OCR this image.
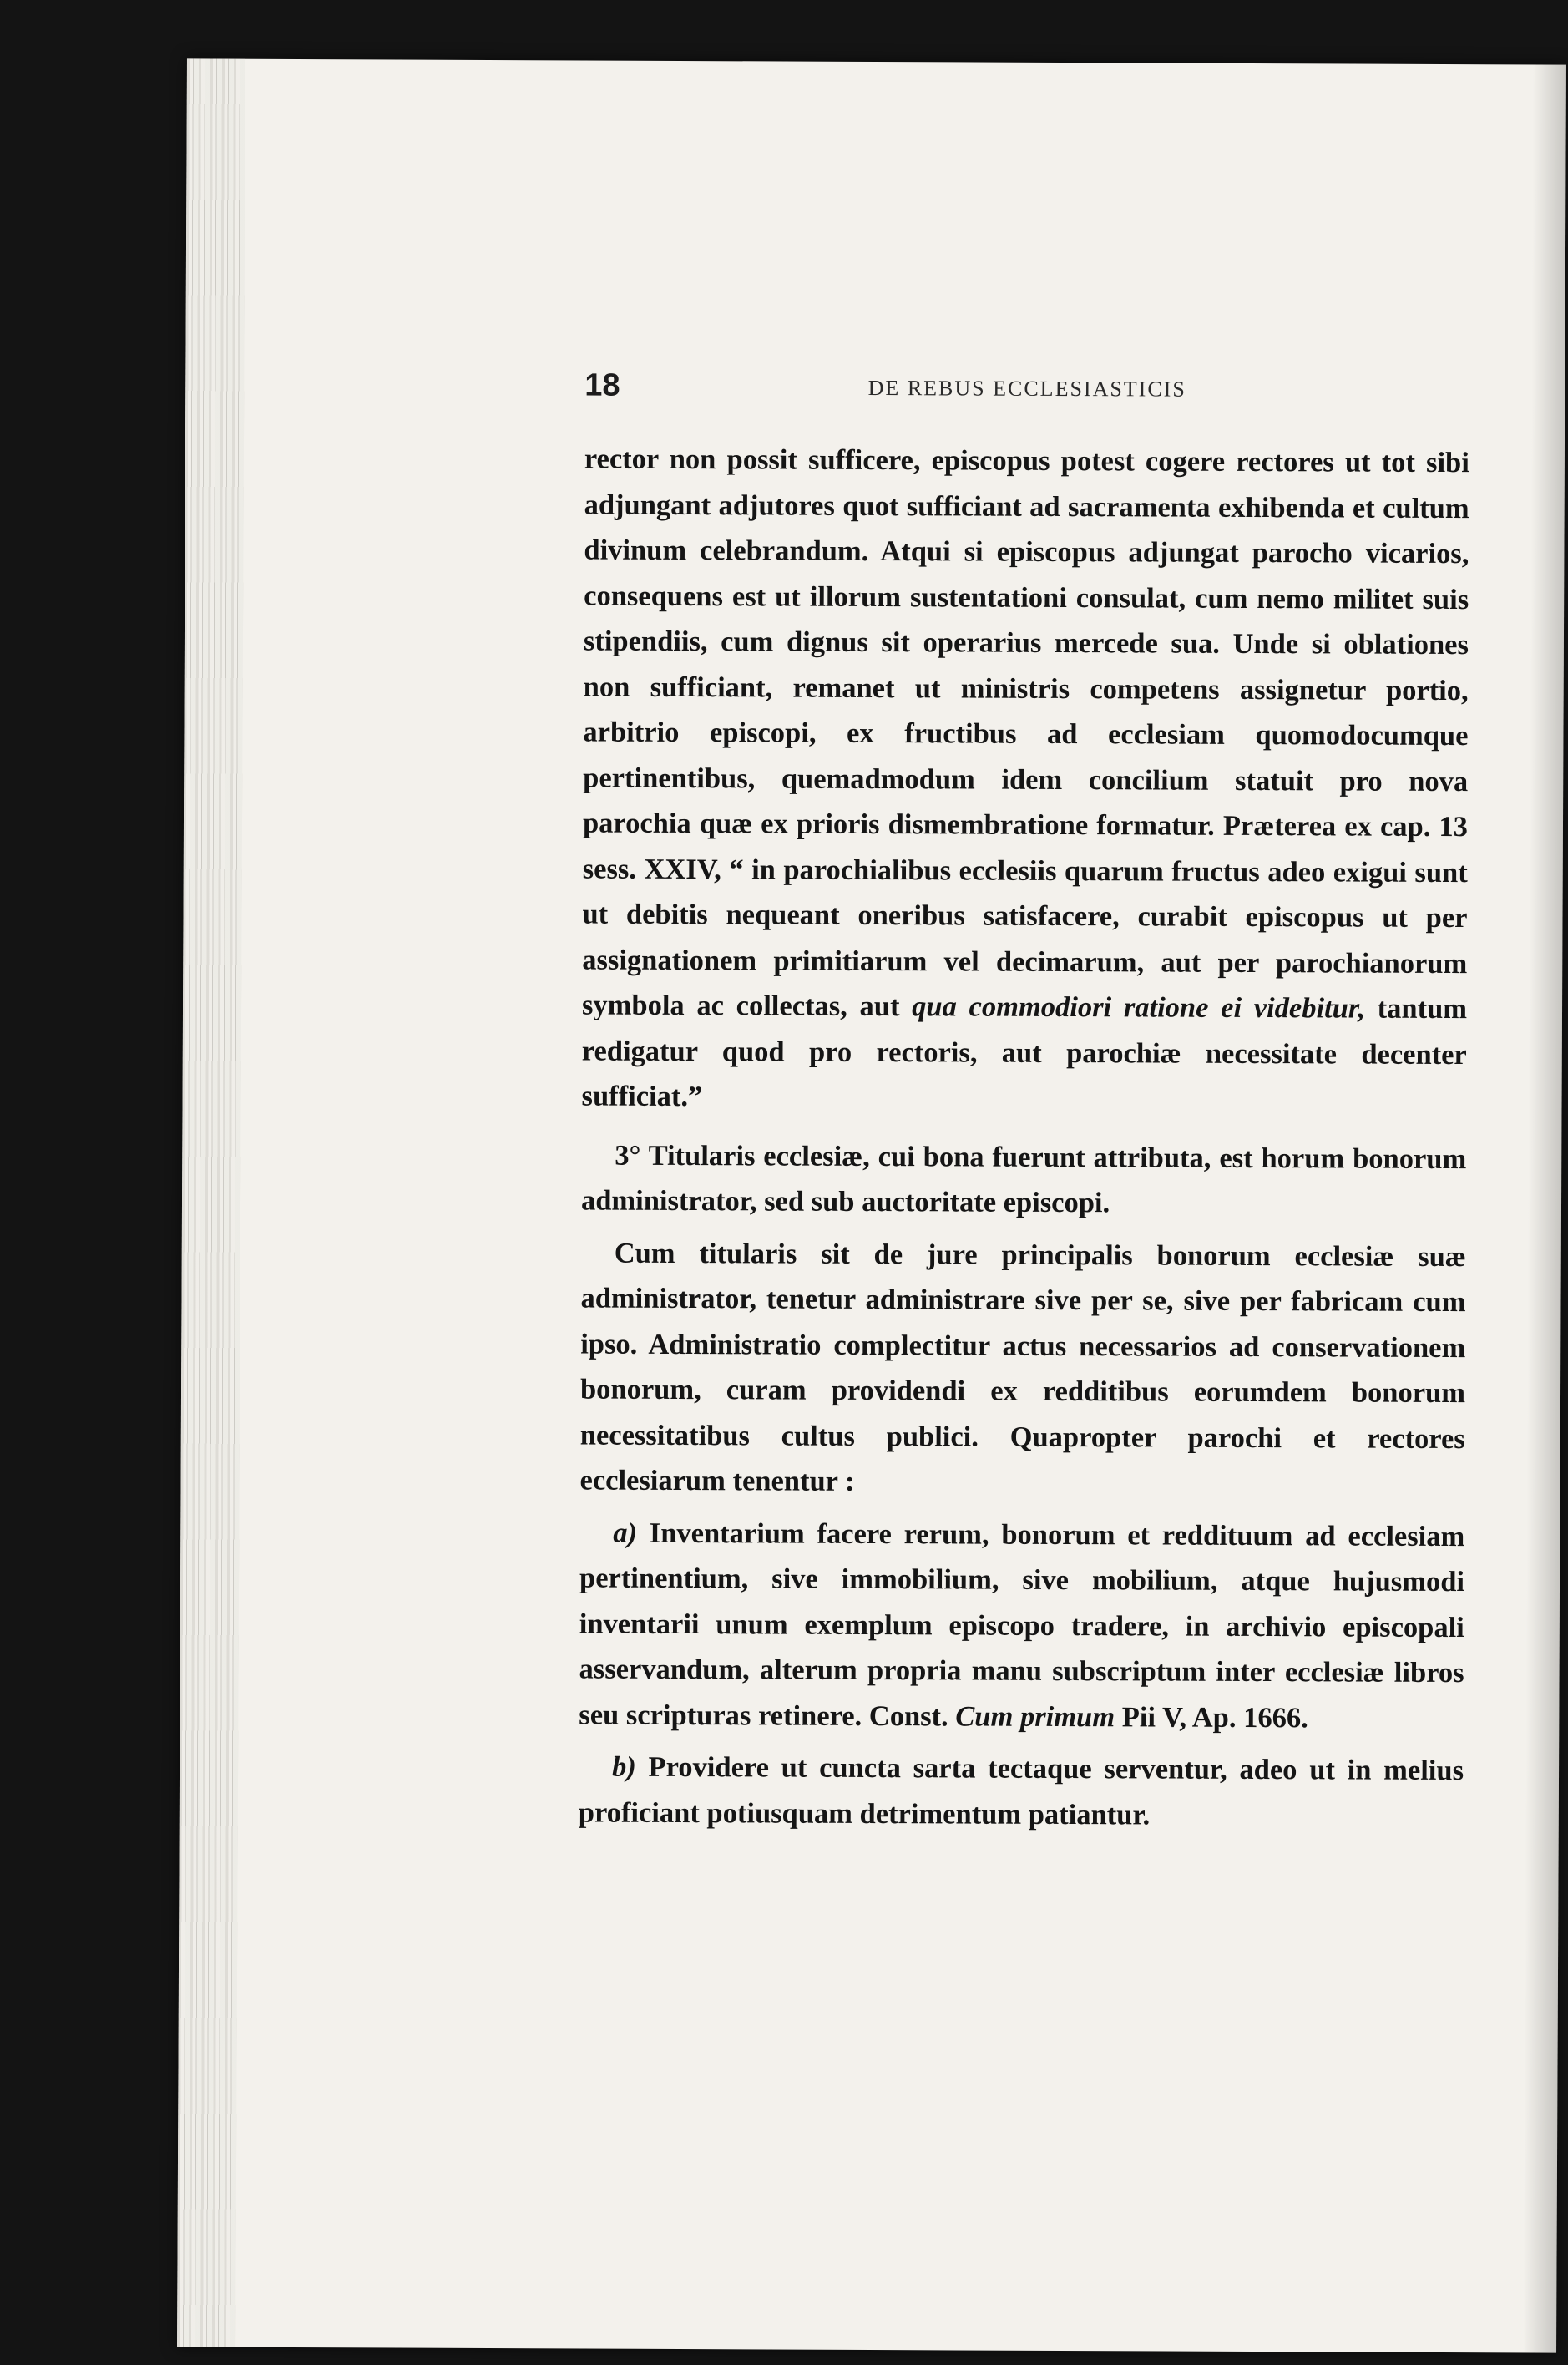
18	DE REBUS ECCLESIASTICIS

rector non possit sufficere, episcopus potest cogere rectores ut tot sibi adjungant adjutores quot sufficiant ad sacramenta exhibenda et cultum divinum celebrandum. Atqui si episcopus adjungat parocho vicarios, consequens est ut illorum sustentationi consulat, cum nemo militet suis stipendiis, cum dignus sit operarius mercede sua. Unde si oblationes non sufficiant, remanet ut ministris competens assignetur portio, arbitrio episcopi, ex fructibus ad ecclesiam quomodocumque pertinentibus, quemadmodum idem concilium statuit pro nova parochia quæ ex prioris dismembratione formatur. Præterea ex cap. 13 sess. XXIV, “ in parochialibus ecclesiis quarum fructus adeo exigui sunt ut debitis nequeant oneribus satisfacere, curabit episcopus ut per assignationem primitiarum vel decimarum, aut per parochianorum symbola ac collectas, aut qua commodiori ratione ei videbitur, tantum redigatur quod pro rectoris, aut parochiæ necessitate decenter sufficiat.”

3° Titularis ecclesiæ, cui bona fuerunt attributa, est horum bonorum administrator, sed sub auctoritate episcopi.

Cum titularis sit de jure principalis bonorum ecclesiæ suæ administrator, tenetur administrare sive per se, sive per fabricam cum ipso. Administratio complectitur actus necessarios ad conservationem bonorum, curam providendi ex redditibus eorumdem bonorum necessitatibus cultus publici. Quapropter parochi et rectores ecclesiarum tenentur :

a) Inventarium facere rerum, bonorum et reddituum ad ecclesiam pertinentium, sive immobilium, sive mobilium, atque hujusmodi inventarii unum exemplum episcopo tradere, in archivio episcopali asservandum, alterum propria manu subscriptum inter ecclesiæ libros seu scripturas retinere. Const. Cum primum Pii V, Ap. 1666.

b) Providere ut cuncta sarta tectaque serventur, adeo ut in melius proficiant potiusquam detrimentum patiantur.
